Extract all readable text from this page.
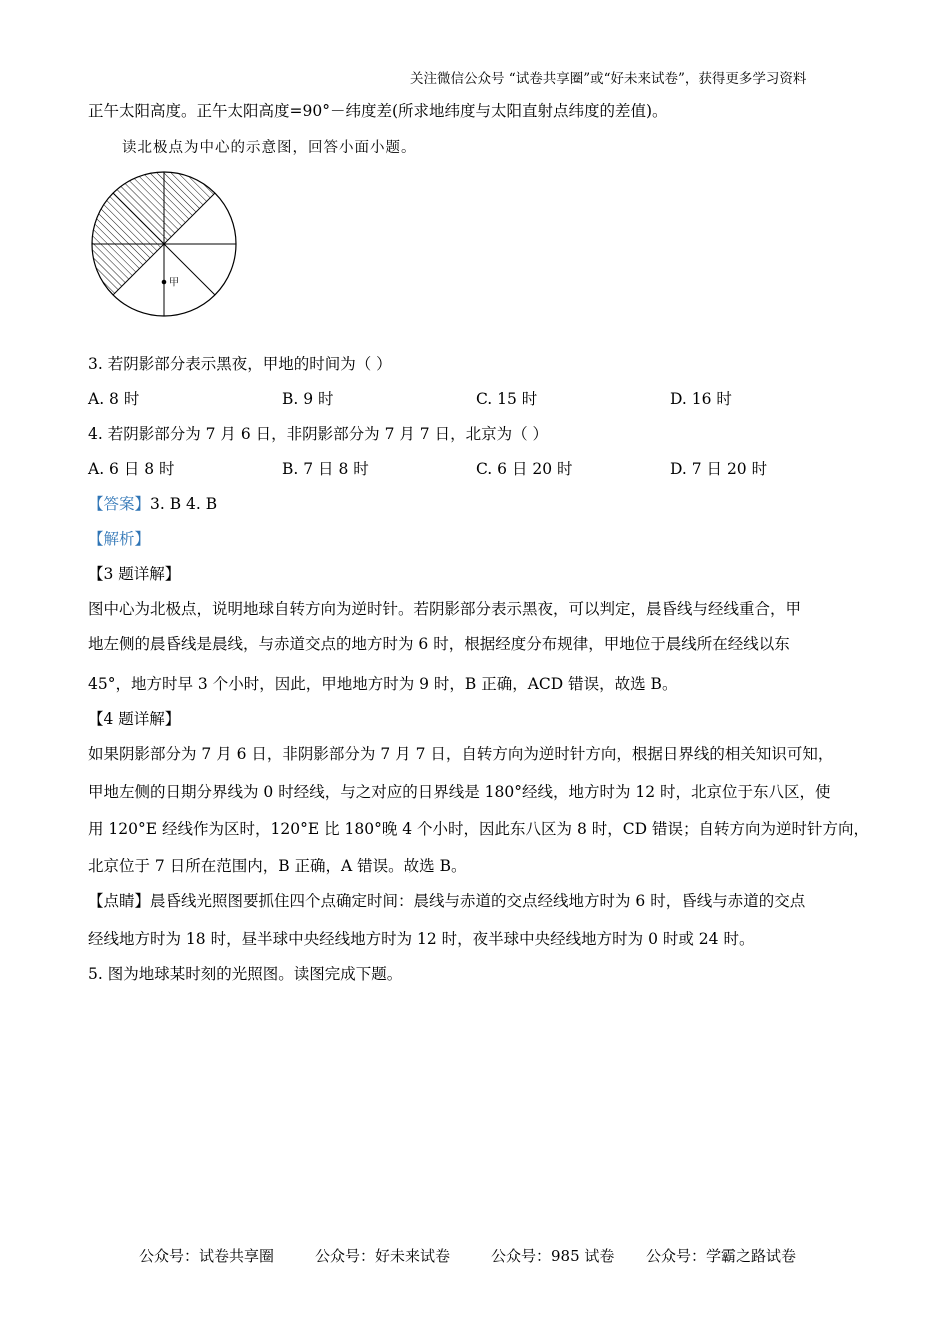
关注微信公众号 “试卷共享圈”或“好未来试卷”，获得更多学习资料
正午太阳高度。正午太阳高度=90°－纬度差(所求地纬度与太阳直射点纬度的差值)。
读北极点为中心的示意图，回答小面小题。
甲
3. 若阴影部分表示黑夜，甲地的时间为（ ）
A. 8 时	B. 9 时	C. 15 时	D. 16 时
4. 若阴影部分为 7 月 6 日，非阴影部分为 7 月 7 日，北京为（ ）
A. 6 日 8 时	B. 7 日 8 时	C. 6 日 20 时	D. 7 日 20 时
【答案】3. B 4. B
【解析】
【3 题详解】
图中心为北极点，说明地球自转方向为逆时针。若阴影部分表示黑夜，可以判定，晨昏线与经线重合，甲
地左侧的晨昏线是晨线，与赤道交点的地方时为 6 时，根据经度分布规律，甲地位于晨线所在经线以东
45°，地方时早 3 个小时，因此，甲地地方时为 9 时，B 正确，ACD 错误，故选 B。
【4 题详解】
如果阴影部分为 7 月 6 日，非阴影部分为 7 月 7 日，自转方向为逆时针方向，根据日界线的相关知识可知，
甲地左侧的日期分界线为 0 时经线，与之对应的日界线是 180°经线，地方时为 12 时，北京位于东八区，使
用 120°E 经线作为区时，120°E 比 180°晚 4 个小时，因此东八区为 8 时，CD 错误；自转方向为逆时针方向，
北京位于 7 日所在范围内，B 正确，A 错误。故选 B。
【点睛】晨昏线光照图要抓住四个点确定时间：晨线与赤道的交点经线地方时为 6 时，昏线与赤道的交点
经线地方时为 18 时，昼半球中央经线地方时为 12 时，夜半球中央经线地方时为 0 时或 24 时。
5. 图为地球某时刻的光照图。读图完成下题。
公众号：试卷共享圈	公众号：好未来试卷	公众号：985 试卷 公众号：学霸之路试卷
